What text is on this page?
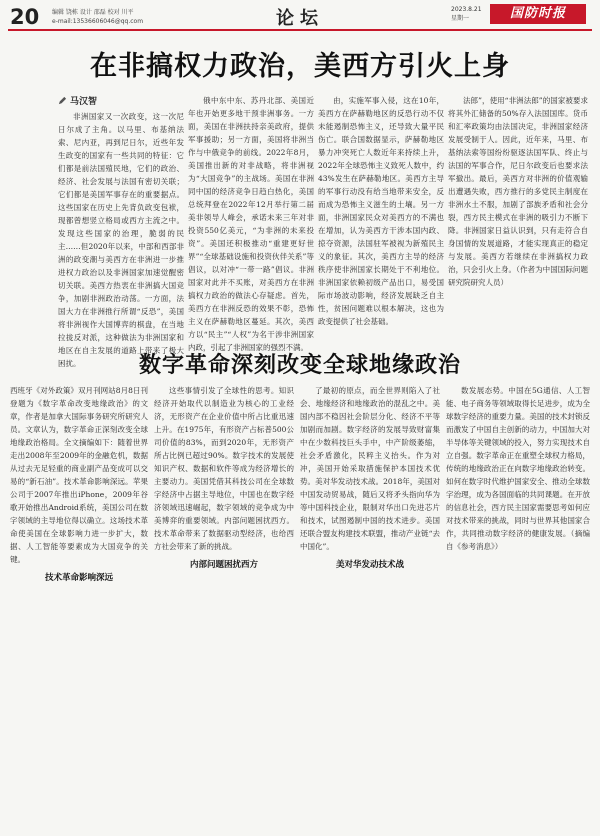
20 编辑 饶栋 设计 邵磊 校对 川平
e-mail:13536606046@qq.com	论坛	2023.8.21
星期一	国防时报
在非搞权力政治，美西方引火上身
马汉智

非洲国家又一次政变，这一次尼日尔成了主角。以马里、布基纳法索、尼内亚，再到尼日尔，近些年发生政变的国家有一些共同的特征：它们都是前法国殖民地，它们的政治、经济、社会发展与法国有密切关联；它们都是美国军事存在的重要据点。这些国家在历史上先背负政变包袱，现都曾想竖立格局或西方主流之中。发现这些国家的治理，脆弱的民主……但2020年以来，中部和西部非洲的政变潮与美西方在非洲进一步推进权力政治以及非洲国家加速觉醒密切关联。美西方热衷在非洲搞大国竞争，加剧非洲政治动荡。一方面，法国大力在非洲推行所谓“反恐”，美国将非洲视作大国博弈的棋盘，在当地拉拢反对派，这种做法为非洲国家和地区在自主发展的道路上带来了极大困扰。

俄中东中东、苏丹北部、美国近年也开始更多地干预非洲事务。一方面，美国在非洲扶持亲美政府，提供军事援助；另一方面，美国将非洲当作与中俄竞争的前线。2022年8月，美国推出新的对非战略，将非洲视为“大国竞争”的主战场。美国在非洲同中国的经济竞争日趋白热化，美国总统拜登在2022年12月举行第二届美非领导人峰会，承诺未来三年对非投资550亿美元，“为非洲的未来投资”。美国还积极推动“重建更好世界”“全球基础设施和投资伙伴关系”等倡议，以对冲“一带一路”倡议。非洲国家对此并不买账，对美西方在非洲搞权力政治的做法心存疑虑。首先，美西方在非洲反恐的效果不彰，恐怖主义在萨赫勒地区蔓延。其次，美西方以“民主”“人权”为名干涉非洲国家内政，引起了非洲国家的强烈不满。

由，实施军事入侵，这在10年，美西方在萨赫勒地区的反恐行动不仅未能遏制恐怖主义，还导致大量平民伤亡。联合国数据显示，萨赫勒地区暴力冲突死亡人数近年来持续上升，2022年全球恐怖主义致死人数中，约43%发生在萨赫勒地区。美西方主导的军事行动没有给当地带来安全，反而成为恐怖主义滋生的土壤。另一方面，非洲国家民众对美西方的不满也在增加，认为美西方干涉本国内政、掠夺资源，法国驻军被视为新殖民主义的象征。其次，美西方主导的经济秩序使非洲国家长期处于不利地位。非洲国家依赖初级产品出口，易受国际市场波动影响，经济发展缺乏自主性，贫困问题难以根本解决，这也为政变提供了社会基础。

法郎”，使用“非洲法郎”的国家被要求将其外汇储备的50%存入法国国库。货币和汇率政策均由法国决定，非洲国家经济发展受制于人。因此，近年来，马里、布基纳法索等国纷纷驱逐法国军队、终止与法国的军事合作，尼日尔政变后也要求法军撤出。最后，美西方对非洲的价值观输出遭遇失败，西方推行的多党民主制度在非洲水土不服，加剧了部族矛盾和社会分裂，西方民主模式在非洲的吸引力不断下降。非洲国家日益认识到，只有走符合自身国情的发展道路，才能实现真正的稳定与发展。美西方若继续在非洲搞权力政治，只会引火上身。（作者为中国国际问题研究院研究人员）

数字革命深刻改变全球地缘政治

西班牙《对外政策》双月刊网站8月8日刊登题为《数字革命改变地缘政治》的文章，作者是加拿大国际事务研究所研究人员。文章认为，数字革命正深刻改变全球地缘政治格局。全文摘编如下：随着世界走出2008年至2009年的金融危机，数据从过去无足轻重的商业副产品变成可以交易的“新石油”。技术革命影响深远。苹果公司于2007年推出iPhone，2009年谷歌开始推出Android系统，美国公司在数字领域的主导地位得以确立。这场技术革命使美国在全球影响力进一步扩大，数据、人工智能等要素成为大国竞争的关键。

技术革命影响深远

这些事情引发了全球性的思考。知识经济开始取代以制造业为核心的工业经济，无形资产在企业价值中所占比重迅速上升。在1975年，有形资产占标普500公司价值的83%，而到2020年，无形资产所占比例已超过90%。数字技术的发展使知识产权、数据和软件等成为经济增长的主要动力。美国凭借其科技公司在全球数字经济中占据主导地位，中国也在数字经济领域迅速崛起，数字领域的竞争成为中美博弈的重要领域。内部问题困扰西方。技术革命带来了数据驱动型经济，也给西方社会带来了新的挑战。

内部问题困扰西方

了最初的原点，而全世界则陷入了社会、地缘经济和地缘政治的混乱之中。美国内部不稳因社会阶层分化、经济不平等加剧而加剧。数字经济的发展导致财富集中在少数科技巨头手中，中产阶级萎缩，社会矛盾激化，民粹主义抬头。作为对冲，美国开始采取措施保护本国技术优势。美对华发动技术战。2018年，美国对中国发动贸易战，随后又将矛头指向华为等中国科技企业，限制对华出口先进芯片和技术，试图遏制中国的技术进步。美国还联合盟友构建技术联盟，推动产业链“去中国化”。

美对华发动技术战

数发展态势。中国在5G通信、人工智能、电子商务等领域取得长足进步，成为全球数字经济的重要力量。美国的技术封锁反而激发了中国自主创新的动力，中国加大对半导体等关键领域的投入，努力实现技术自立自强。数字革命正在重塑全球权力格局，传统的地缘政治正在向数字地缘政治转变。如何在数字时代维护国家安全、推动全球数字治理，成为各国面临的共同课题。在开放的信息社会，西方民主国家需要思考如何应对技术带来的挑战，同时与世界其他国家合作，共同推动数字经济的健康发展。（摘编自《参考消息》）
